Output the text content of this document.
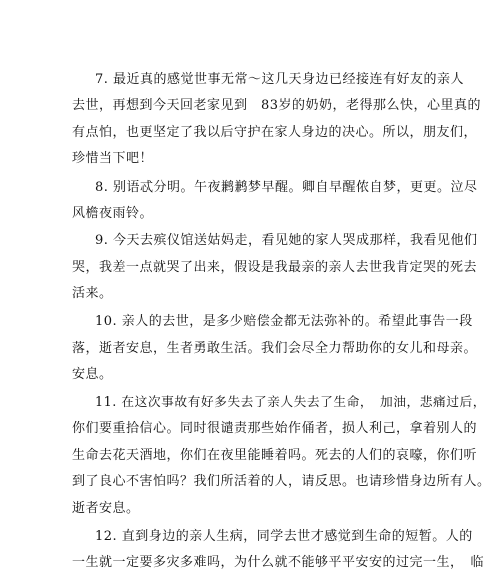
7. 最近真的感觉世事无常～这几天身边已经接连有好友的亲人
去世，再想到今天回老家见到　83岁的奶奶，老得那么快，心里真的
有点怕，也更坚定了我以后守护在家人身边的决心。所以，朋友们，
珍惜当下吧！
8. 别语忒分明。午夜鹣鹣梦早醒。卿自早醒侬自梦，更更。泣尽
风檐夜雨铃。
9. 今天去殡仪馆送姑妈走，看见她的家人哭成那样，我看见他们
哭，我差一点就哭了出来，假设是我最亲的亲人去世我肯定哭的死去
活来。
10. 亲人的去世，是多少赔偿金都无法弥补的。希望此事告一段
落，逝者安息，生者勇敢生活。我们会尽全力帮助你的女儿和母亲。
安息。
11. 在这次事故有好多失去了亲人失去了生命，　加油，悲痛过后，
你们要重拾信心。同时很谴责那些始作俑者，损人利己，拿着别人的
生命去花天酒地，你们在夜里能睡着吗。死去的人们的哀嚎，你们听
到了良心不害怕吗？我们所活着的人，请反思。也请珍惜身边所有人。
逝者安息。
12. 直到身边的亲人生病，同学去世才感觉到生命的短暂。人的
一生就一定要多灾多难吗，为什么就不能够平平安安的过完一生，　临
